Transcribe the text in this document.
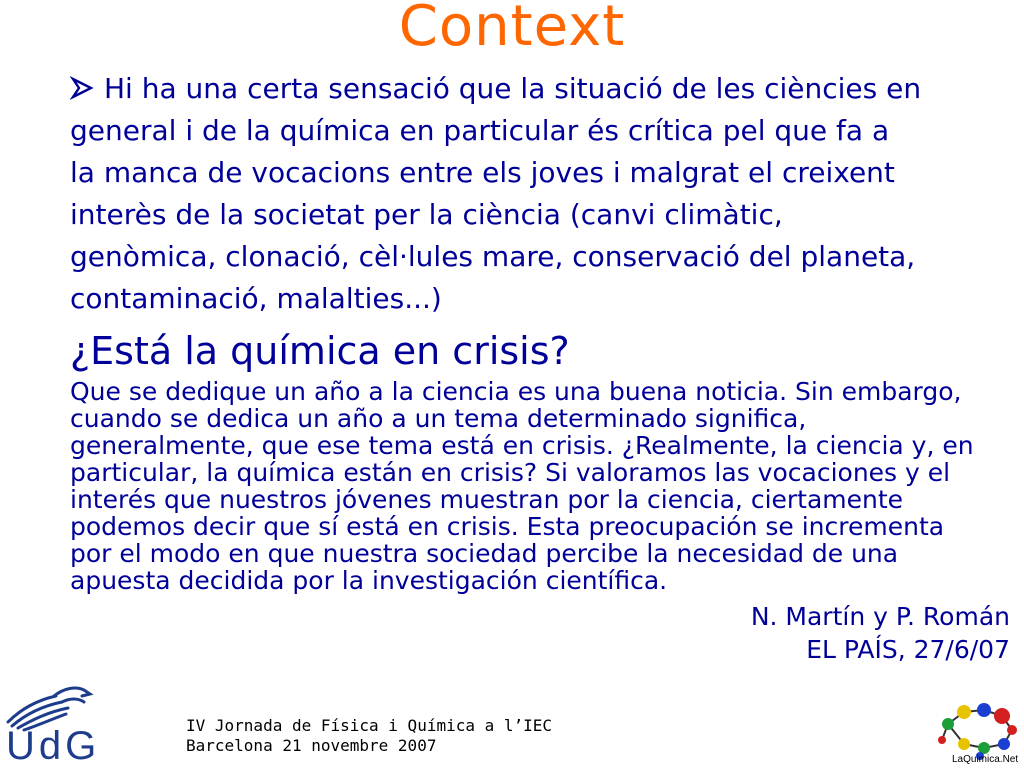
Context
Hi ha una certa sensació que la situació de les ciències en
general i de la química en particular és crítica pel que fa a
la manca de vocacions entre els joves i malgrat el creixent
interès de la societat per la ciència (canvi climàtic,
genòmica, clonació, cèl·lules mare, conservació del planeta,
contaminació, malalties...)
¿Está la química en crisis?
Que se dedique un año a la ciencia es una buena noticia. Sin embargo,
cuando se dedica un año a un tema determinado significa,
generalmente, que ese tema está en crisis. ¿Realmente, la ciencia y, en
particular, la química están en crisis? Si valoramos las vocaciones y el
interés que nuestros jóvenes muestran por la ciencia, ciertamente
podemos decir que sí está en crisis. Esta preocupación se incrementa
por el modo en que nuestra sociedad percibe la necesidad de una
apuesta decidida por la investigación científica.
N. Martín y P. Román
EL PAÍS, 27/6/07
UdG	IV Jornada de Física i Química a l’IEC
Barcelona 21 novembre 2007
LaQuimica.Net
